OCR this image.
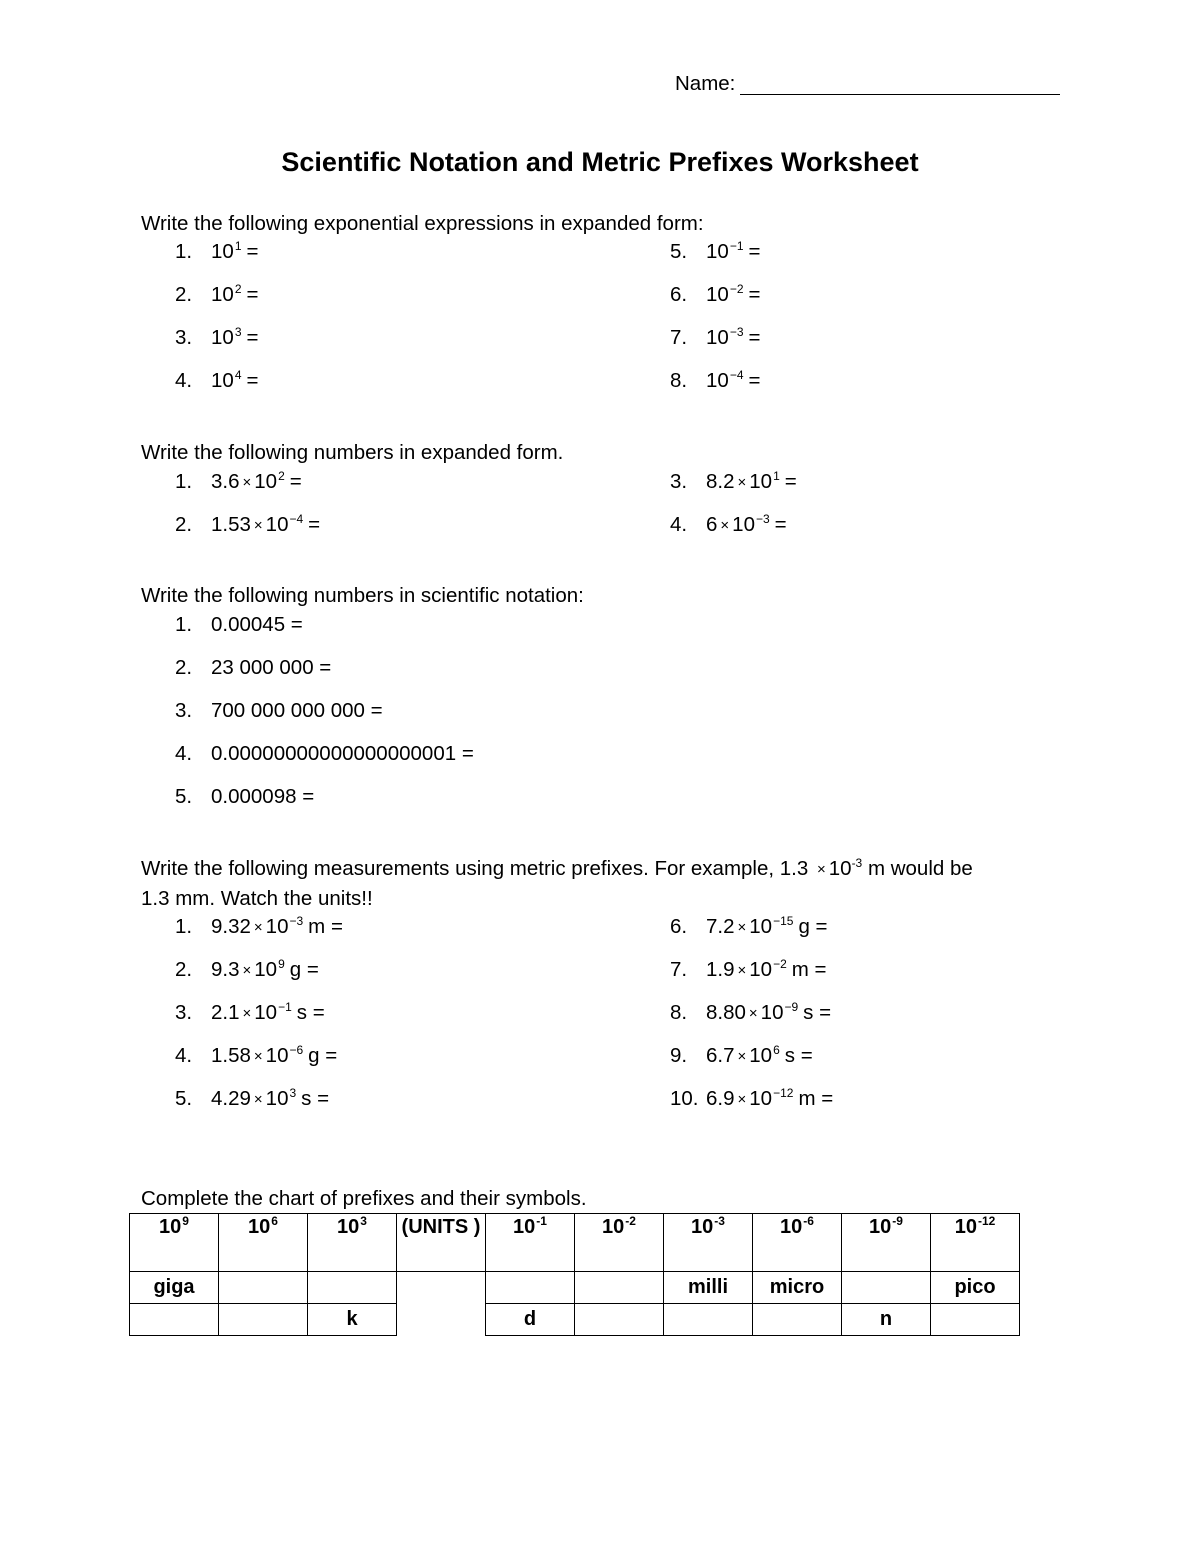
Name:
Scientific Notation and Metric Prefixes Worksheet
Write the following exponential expressions in expanded form:
1. $10^1$ =
2. $10^2$ =
3. $10^3$ =
4. $10^4$ =
5. $10^{-1}$ =
6. $10^{-2}$ =
7. $10^{-3}$ =
8. $10^{-4}$ =
Write the following numbers in expanded form.
1. $3.6 \times 10^2$ =
2. $1.53 \times 10^{-4}$ =
3. $8.2 \times 10^1$ =
4. $6 \times 10^{-3}$ =
Write the following numbers in scientific notation:
1. 0.00045 =
2. 23 000 000 =
3. 700 000 000 000 =
4. 0.00000000000000000001 =
5. 0.000098 =
Write the following measurements using metric prefixes. For example, 1.3 × 10$^{-3}$ m would be
1.3 mm. Watch the units!!
1. $9.32 \times 10^{-3}$ m =
2. $9.3 \times 10^9$ g =
3. $2.1 \times 10^{-1}$ s =
4. $1.58 \times 10^{-6}$ g =
5. $4.29 \times 10^3$ s =
6. $7.2 \times 10^{-15}$ g =
7. $1.9 \times 10^{-2}$ m =
8. $8.80 \times 10^{-9}$ s =
9. $6.7 \times 10^6$ s =
10. $6.9 \times 10^{-12}$ m =
Complete the chart of prefixes and their symbols.
$10^9$	$10^6$	$10^3$	(UNITS )	$10^{-1}$	$10^{-2}$	$10^{-3}$	$10^{-6}$	$10^{-9}$	$10^{-12}$
giga						milli	micro		pico
		k		d				n	
